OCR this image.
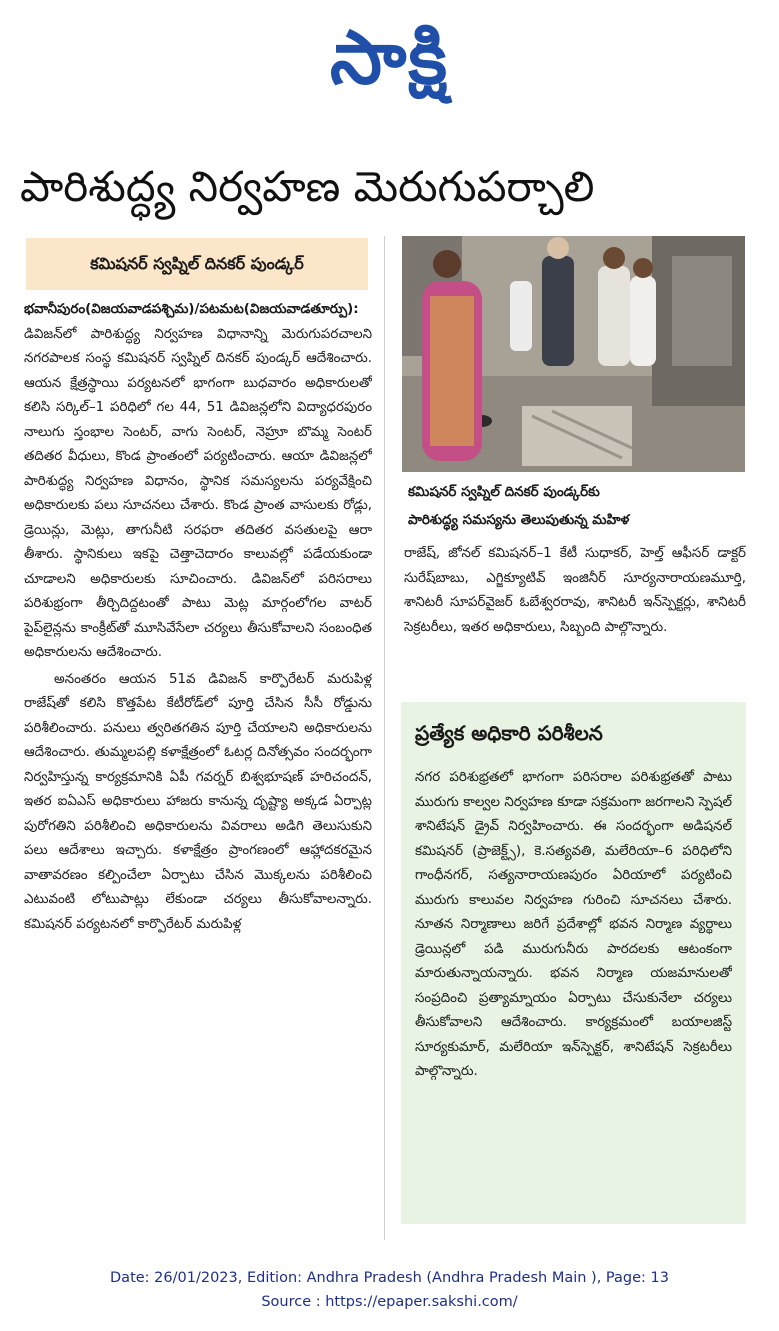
సాక్షి
పారిశుద్ధ్య నిర్వహణ మెరుగుపర్చాలి
కమిషనర్ స్వప్నిల్ దినకర్ పుండ్కర్

భవానీపురం(విజయవాడపశ్చిమ)/పటమట(విజయవాడతూర్పు): డివిజన్‌లో పారిశుద్ధ్య నిర్వహణ విధానాన్ని మెరుగుపరచాలని నగరపాలక సంస్థ కమిషనర్ స్వప్నిల్ దినకర్ పుండ్కర్ ఆదేశించారు. ఆయన క్షేత్రస్థాయి పర్యటనలో భాగంగా బుధవారం అధికారులతో కలిసి సర్కిల్–1 పరిధిలో గల 44, 51 డివిజన్లలోని విద్యాధరపురం నాలుగు స్తంభాల సెంటర్, వాగు సెంటర్, నెహ్రూ బొమ్మ సెంటర్ తదితర వీధులు, కొండ ప్రాంతంలో పర్యటించారు. ఆయా డివిజన్లలో పారిశుద్ధ్య నిర్వహణ విధానం, స్థానిక సమస్యలను పర్యవేక్షించి అధికారులకు పలు సూచనలు చేశారు. కొండ ప్రాంత వాసులకు రోడ్లు, డ్రెయిన్లు, మెట్లు, తాగునీటి సరఫరా తదితర వసతులపై ఆరా తీశారు. స్థానికులు ఇకపై చెత్తాచెదారం కాలువల్లో పడేయకుండా చూడాలని అధికారులకు సూచించారు. డివిజన్‌లో పరిసరాలు పరిశుభ్రంగా తీర్చిదిద్దటంతో పాటు మెట్ల మార్గంలోగల వాటర్ పైప్‌లైన్లను కాంక్రీట్‌తో మూసివేసేలా చర్యలు తీసుకోవాలని సంబంధిత అధికారులను ఆదేశించారు.

అనంతరం ఆయన 51వ డివిజన్ కార్పొరేటర్ మరుపిళ్ల రాజేష్‌తో కలిసి కొత్తపేట కేటీరోడ్‌లో పూర్తి చేసిన సీసీ రోడ్డును పరిశీలించారు. పనులు త్వరితగతిన పూర్తి చేయాలని అధికారులను ఆదేశించారు. తుమ్మలపల్లి కళాక్షేత్రంలో ఓటర్ల దినోత్సవం సందర్భంగా నిర్వహిస్తున్న కార్యక్రమానికి ఏపీ గవర్నర్ బిశ్వభూషణ్ హరిచందన్, ఇతర ఐఏఎస్ అధికారులు హాజరు కానున్న దృష్ట్యా అక్కడ ఏర్పాట్ల పురోగతిని పరిశీలించి అధికారులను వివరాలు అడిగి తెలుసుకుని పలు ఆదేశాలు ఇచ్చారు. కళాక్షేత్రం ప్రాంగణంలో ఆహ్లాదకరమైన వాతావరణం కల్పించేలా ఏర్పాటు చేసిన మొక్కలను పరిశీలించి ఎటువంటి లోటుపాట్లు లేకుండా చర్యలు తీసుకోవాలన్నారు. కమిషనర్ పర్యటనలో కార్పొరేటర్ మరుపిళ్ల

కమిషనర్ స్వప్నిల్ దినకర్ పుండ్కర్‌కు
పారిశుద్ధ్య సమస్యను తెలుపుతున్న మహిళ

రాజేష్, జోనల్ కమిషనర్–1 కేటీ సుధాకర్, హెల్త్ ఆఫీసర్ డాక్టర్ సురేష్‌బాబు, ఎగ్జిక్యూటివ్ ఇంజినీర్ సూర్యనారాయణమూర్తి, శానిటరీ సూపర్‌వైజర్ ఓబేశ్వరరావు, శానిటరీ ఇన్‌స్పెక్టర్లు, శానిటరీ సెక్రటరీలు, ఇతర అధికారులు, సిబ్బంది పాల్గొన్నారు.

ప్రత్యేక అధికారి పరిశీలన

నగర పరిశుభ్రతలో భాగంగా పరిసరాల పరిశుభ్రతతో పాటు మురుగు కాల్వల నిర్వహణ కూడా సక్రమంగా జరగాలని స్పెషల్ శానిటేషన్ డ్రైవ్ నిర్వహించారు. ఈ సందర్భంగా అడిషనల్ కమిషనర్ (ప్రాజెక్ట్స్), కె.సత్యవతి, మలేరియా–6 పరిధిలోని గాంధీనగర్, సత్యనారాయణపురం ఏరియాలో పర్యటించి మురుగు కాలువల నిర్వహణ గురించి సూచనలు చేశారు. నూతన నిర్మాణాలు జరిగే ప్రదేశాల్లో భవన నిర్మాణ వ్యర్థాలు డ్రెయిన్లలో పడి మురుగునీరు పారదలకు ఆటంకంగా మారుతున్నాయన్నారు. భవన నిర్మాణ యజమానులతో సంప్రదించి ప్రత్యామ్నాయం ఏర్పాటు చేసుకునేలా చర్యలు తీసుకోవాలని ఆదేశించారు. కార్యక్రమంలో బయాలజిస్ట్ సూర్యకుమార్, మలేరియా ఇన్‌స్పెక్టర్, శానిటేషన్ సెక్రటరీలు పాల్గొన్నారు.

Date: 26/01/2023, Edition: Andhra Pradesh (Andhra Pradesh Main ), Page: 13
Source : https://epaper.sakshi.com/
